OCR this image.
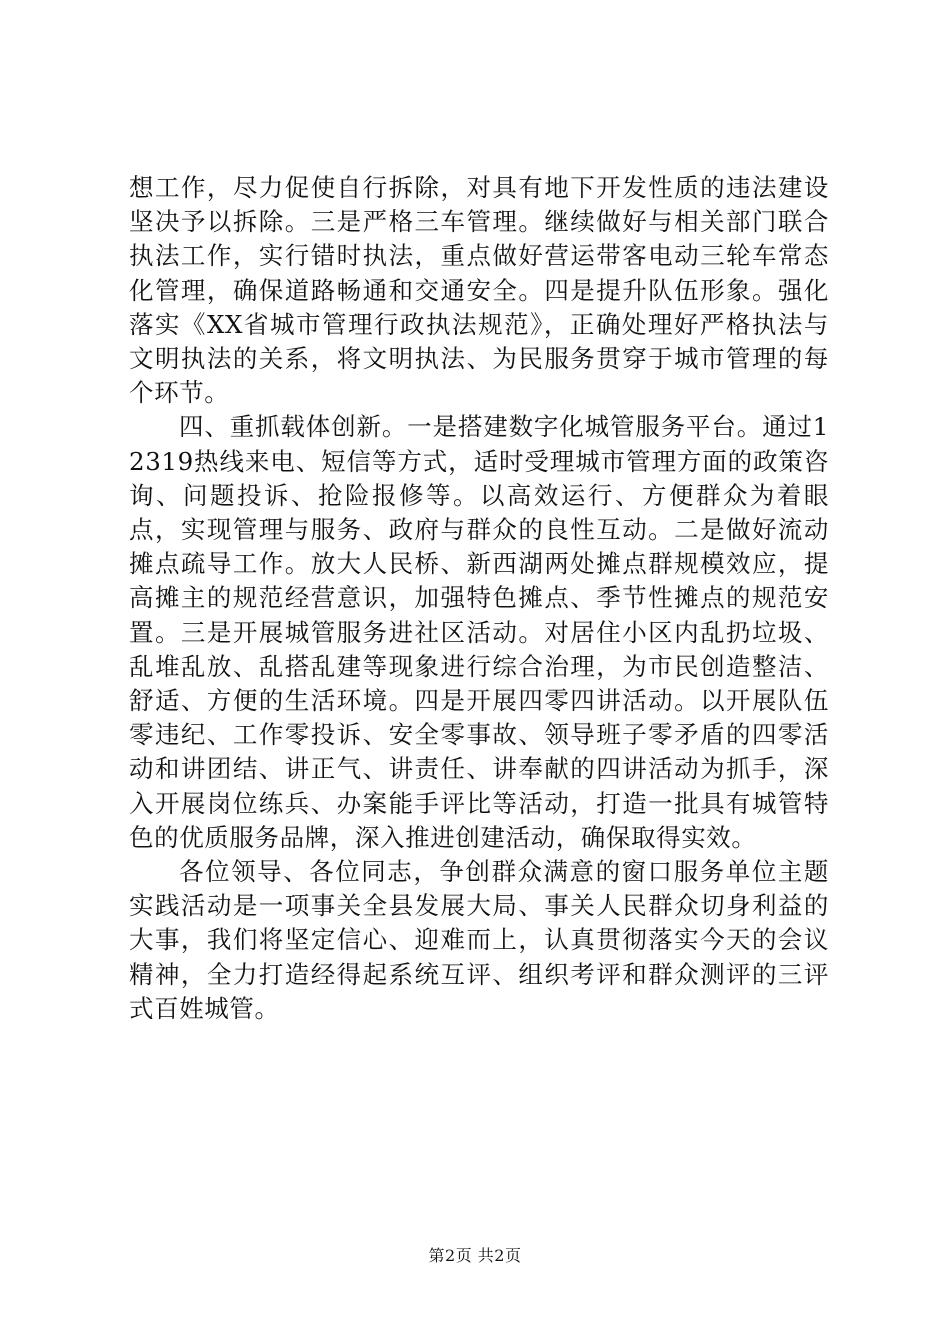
想工作，尽力促使自行拆除，对具有地下开发性质的违法建设坚决予以拆除。三是严格三车管理。继续做好与相关部门联合执法工作，实行错时执法，重点做好营运带客电动三轮车常态化管理，确保道路畅通和交通安全。四是提升队伍形象。强化落实《XX省城市管理行政执法规范》，正确处理好严格执法与文明执法的关系，将文明执法、为民服务贯穿于城市管理的每个环节。

四、重抓载体创新。一是搭建数字化城管服务平台。通过12319热线来电、短信等方式，适时受理城市管理方面的政策咨询、问题投诉、抢险报修等。以高效运行、方便群众为着眼点，实现管理与服务、政府与群众的良性互动。二是做好流动摊点疏导工作。放大人民桥、新西湖两处摊点群规模效应，提高摊主的规范经营意识，加强特色摊点、季节性摊点的规范安置。三是开展城管服务进社区活动。对居住小区内乱扔垃圾、乱堆乱放、乱搭乱建等现象进行综合治理，为市民创造整洁、舒适、方便的生活环境。四是开展四零四讲活动。以开展队伍零违纪、工作零投诉、安全零事故、领导班子零矛盾的四零活动和讲团结、讲正气、讲责任、讲奉献的四讲活动为抓手，深入开展岗位练兵、办案能手评比等活动，打造一批具有城管特色的优质服务品牌，深入推进创建活动，确保取得实效。

各位领导、各位同志，争创群众满意的窗口服务单位主题实践活动是一项事关全县发展大局、事关人民群众切身利益的大事，我们将坚定信心、迎难而上，认真贯彻落实今天的会议精神，全力打造经得起系统互评、组织考评和群众测评的三评式百姓城管。

第2页 共2页
